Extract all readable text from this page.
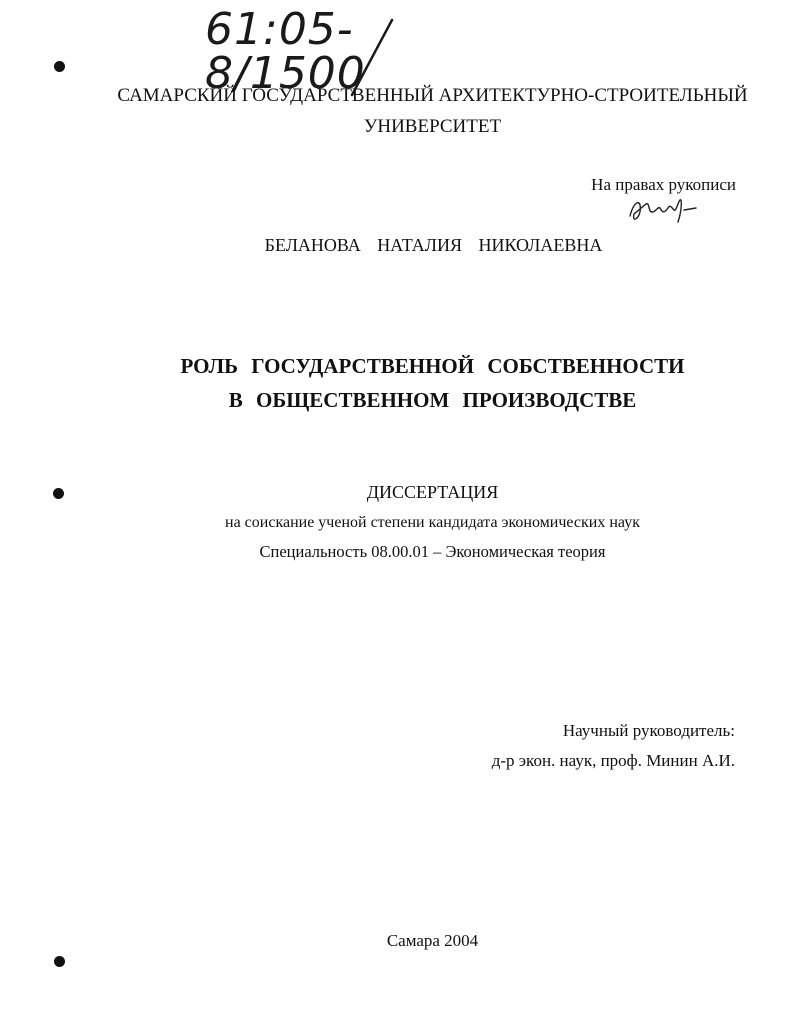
61:05-8/1500
САМАРСКИЙ ГОСУДАРСТВЕННЫЙ АРХИТЕКТУРНО-СТРОИТЕЛЬНЫЙ
УНИВЕРСИТЕТ
На правах рукописи
БЕЛАНОВА НАТАЛИЯ НИКОЛАЕВНА
РОЛЬ ГОСУДАРСТВЕННОЙ СОБСТВЕННОСТИ
В ОБЩЕСТВЕННОМ ПРОИЗВОДСТВЕ
ДИССЕРТАЦИЯ
на соискание ученой степени кандидата экономических наук
Специальность 08.00.01 – Экономическая теория
Научный руководитель:
д-р экон. наук, проф. Минин А.И.
Самара 2004
